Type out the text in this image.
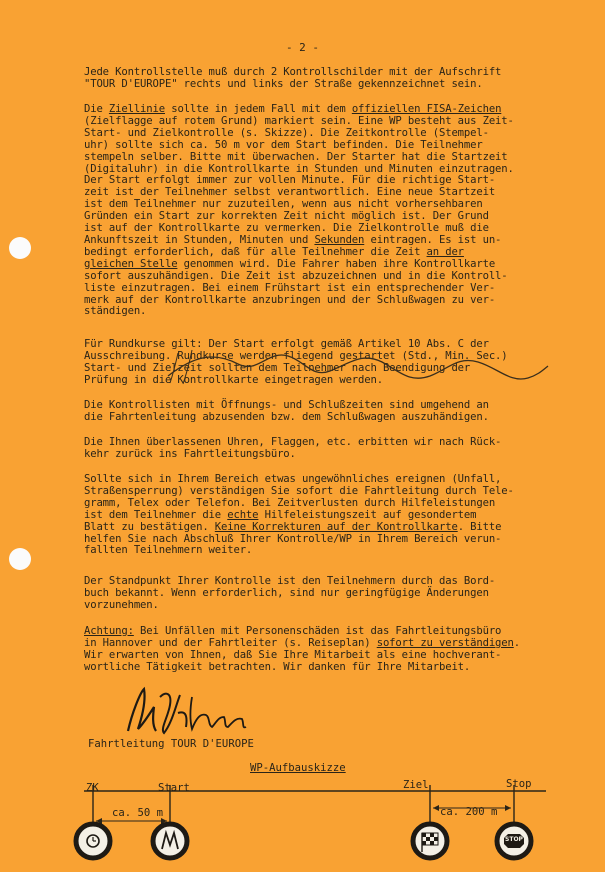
- 2 -
Jede Kontrollstelle muß durch 2 Kontrollschilder mit der Aufschrift
"TOUR D'EUROPE" rechts und links der Straße gekennzeichnet sein.
Die Ziellinie sollte in jedem Fall mit dem offiziellen FISA-Zeichen
(Zielflagge auf rotem Grund) markiert sein. Eine WP besteht aus Zeit-
Start- und Zielkontrolle (s. Skizze). Die Zeitkontrolle (Stempel-
uhr) sollte sich ca. 50 m vor dem Start befinden. Die Teilnehmer
stempeln selber. Bitte mit überwachen. Der Starter hat die Startzeit
(Digitaluhr) in die Kontrollkarte in Stunden und Minuten einzutragen.
Der Start erfolgt immer zur vollen Minute. Für die richtige Start-
zeit ist der Teilnehmer selbst verantwortlich. Eine neue Startzeit
ist dem Teilnehmer nur zuzuteilen, wenn aus nicht vorhersehbaren
Gründen ein Start zur korrekten Zeit nicht möglich ist. Der Grund
ist auf der Kontrollkarte zu vermerken. Die Zielkontrolle muß die
Ankunftszeit in Stunden, Minuten und Sekunden eintragen. Es ist un-
bedingt erforderlich, daß für alle Teilnehmer die Zeit an der
gleichen Stelle genommen wird. Die Fahrer haben ihre Kontrollkarte
sofort auszuhändigen. Die Zeit ist abzuzeichnen und in die Kontroll-
liste einzutragen. Bei einem Frühstart ist ein entsprechender Ver-
merk auf der Kontrollkarte anzubringen und der Schlußwagen zu ver-
ständigen.
Für Rundkurse gilt: Der Start erfolgt gemäß Artikel 10 Abs. C der
Ausschreibung. Rundkurse werden fliegend gestartet (Std., Min. Sec.)
Start- und Zielzeit sollten dem Teilnehmer nach Beendigung der
Prüfung in die Kontrollkarte eingetragen werden.
Die Kontrollisten mit Öffnungs- und Schlußzeiten sind umgehend an
die Fahrtenleitung abzusenden bzw. dem Schlußwagen auszuhändigen.
Die Ihnen überlassenen Uhren, Flaggen, etc. erbitten wir nach Rück-
kehr zurück ins Fahrtleitungsbüro.
Sollte sich in Ihrem Bereich etwas ungewöhnliches ereignen (Unfall,
Straßensperrung) verständigen Sie sofort die Fahrtleitung durch Tele-
gramm, Telex oder Telefon. Bei Zeitverlusten durch Hilfeleistungen
ist dem Teilnehmer die echte Hilfeleistungszeit auf gesondertem
Blatt zu bestätigen. Keine Korrekturen auf der Kontrollkarte. Bitte
helfen Sie nach Abschluß Ihrer Kontrolle/WP in Ihrem Bereich verun-
fallten Teilnehmern weiter.
Der Standpunkt Ihrer Kontrolle ist den Teilnehmern durch das Bord-
buch bekannt. Wenn erforderlich, sind nur geringfügige Änderungen
vorzunehmen.
Achtung: Bei Unfällen mit Personenschäden ist das Fahrtleitungsbüro
in Hannover und der Fahrtleiter (s. Reiseplan) sofort zu verständigen.
Wir erwarten von Ihnen, daß Sie Ihre Mitarbeit als eine hochverant-
wortliche Tätigkeit betrachten. Wir danken für Ihre Mitarbeit.
Fahrtleitung TOUR D'EUROPE
WP-Aufbauskizze
ZK	Start	Ziel	Stop
ca. 50 m	ca. 200 m
STOP
